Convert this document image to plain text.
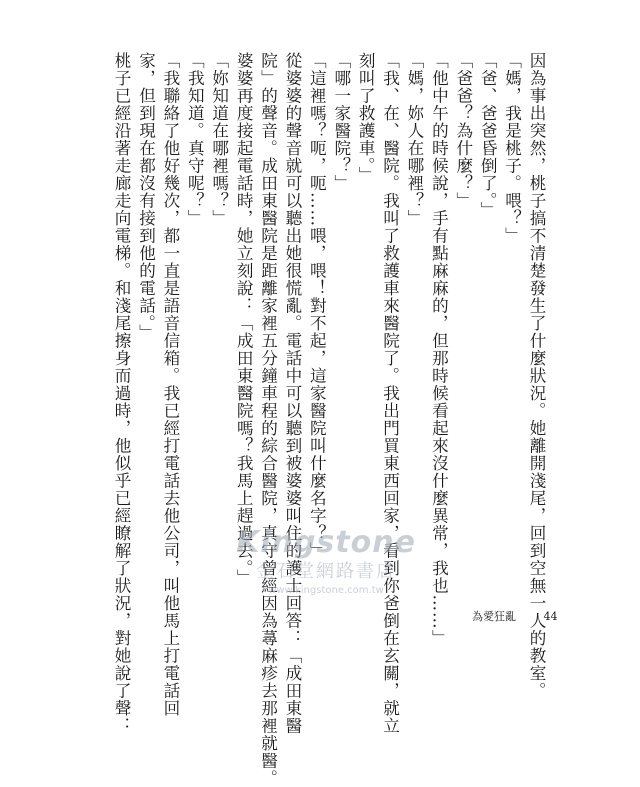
因為事出突然，桃子搞不清楚發生了什麼狀況。她離開淺尾，回到空無一人的教室。
「媽，我是桃子。喂？」
「爸、爸爸昏倒了。」
「爸爸？為什麼？」
「他中午的時候說，手有點麻麻的，但那時候看起來沒什麼異常，我也……」
「媽，妳人在哪裡？」
「我、在、醫院。我叫了救護車來醫院了。我出門買東西回家，看到你爸倒在玄關，就立
刻叫了救護車。」
「哪一家醫院？」
「這裡嗎？呃，呃……喂，喂！對不起，這家醫院叫什麼名字？」
從婆婆的聲音就可以聽出她很慌亂。電話中可以聽到被婆婆叫住的護士回答：「成田東醫
院」的聲音。成田東醫院是距離家裡五分鐘車程的綜合醫院，真守曾經因為蕁麻疹去那裡就醫。
婆婆再度接起電話時，她立刻說：「成田東醫院嗎？我馬上趕過去。」
「妳知道在哪裡嗎？」
「我知道。真守呢？」
「我聯絡了他好幾次，都一直是語音信箱。我已經打電話去他公司，叫他馬上打電話回
家，但到現在都沒有接到他的電話。」
桃子已經沿著走廊走向電梯。和淺尾擦身而過時，他似乎已經瞭解了狀況，對她說了聲：	Kingstone
金石堂網路書店
www.kingstone.com.tw
為愛狂亂	44
